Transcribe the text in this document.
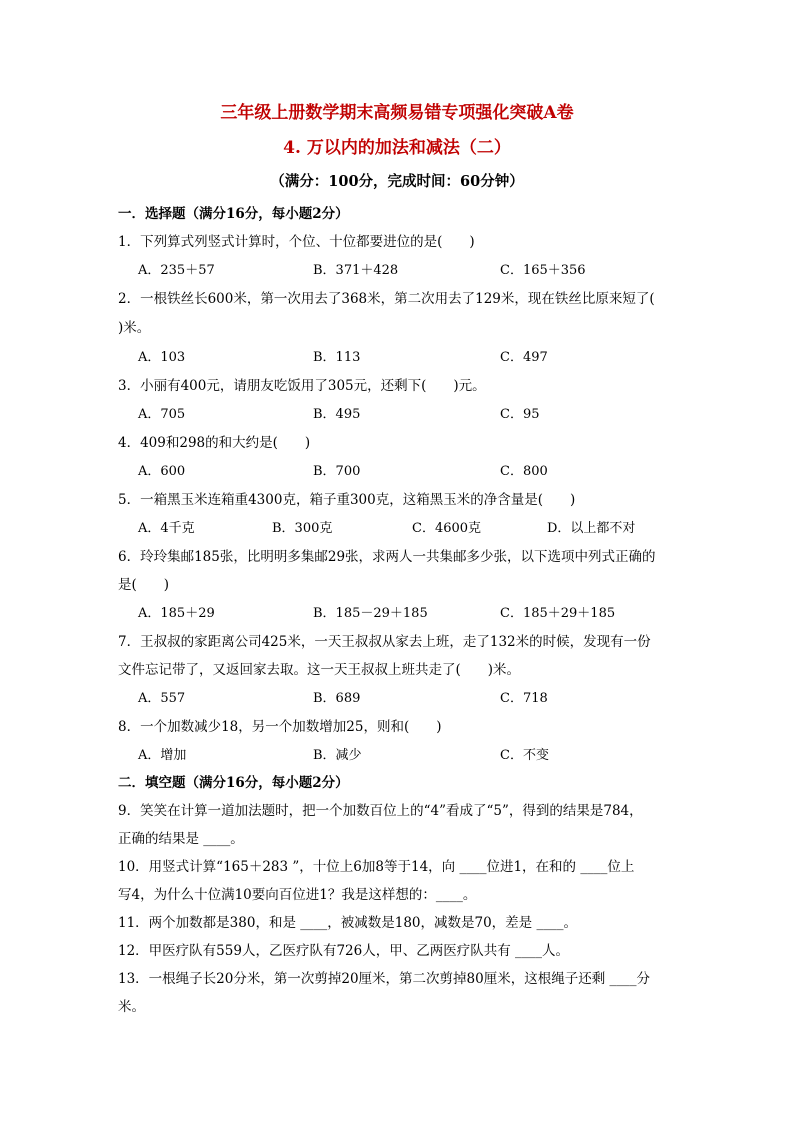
三年级上册数学期末高频易错专项强化突破A卷
4. 万以内的加法和减法（二）
（满分：100分，完成时间：60分钟）
一．选择题（满分16分，每小题2分）
1．下列算式列竖式计算时，个位、十位都要进位的是(　　)
A．235＋57	B．371＋428	C．165＋356
2．一根铁丝长600米，第一次用去了368米，第二次用去了129米，现在铁丝比原来短了(
)米。
A．103	B．113	C．497
3．小丽有400元，请朋友吃饭用了305元，还剩下(　　)元。
A．705	B．495	C．95
4．409和298的和大约是(　　)
A．600	B．700	C．800
5．一箱黑玉米连箱重4300克，箱子重300克，这箱黑玉米的净含量是(　　)
A．4千克	B．300克	C．4600克	D．以上都不对
6．玲玲集邮185张，比明明多集邮29张，求两人一共集邮多少张，以下选项中列式正确的
是(　　)
A．185＋29	B．185－29＋185	C．185＋29＋185
7．王叔叔的家距离公司425米，一天王叔叔从家去上班，走了132米的时候，发现有一份
文件忘记带了，又返回家去取。这一天王叔叔上班共走了(　　)米。
A．557	B．689	C．718
8．一个加数减少18，另一个加数增加25，则和(　　)
A．增加	B．减少	C．不变
二．填空题（满分16分，每小题2分）
9．笑笑在计算一道加法题时，把一个加数百位上的“4”看成了“5”，得到的结果是784，
正确的结果是 ____。
10．用竖式计算“165＋283 ”，十位上6加8等于14，向 ____位进1，在和的 ____位上
写4，为什么十位满10要向百位进1？我是这样想的：____。
11．两个加数都是380，和是 ____，被减数是180，减数是70，差是 ____。
12．甲医疗队有559人，乙医疗队有726人，甲、乙两医疗队共有 ____人。
13．一根绳子长20分米，第一次剪掉20厘米，第二次剪掉80厘米，这根绳子还剩 ____分
米。
